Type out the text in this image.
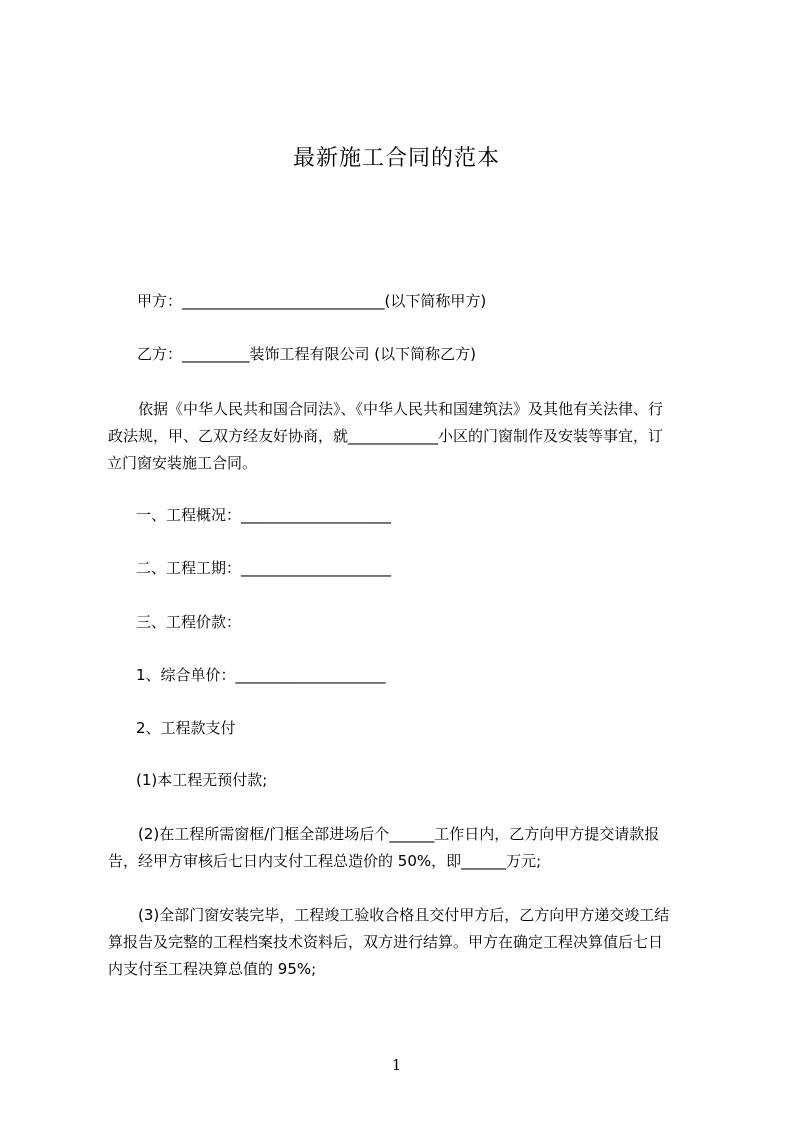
最新施工合同的范本
甲方：___________________________(以下简称甲方)
乙方：_________装饰工程有限公司 (以下简称乙方)
依据《中华人民共和国合同法》、《中华人民共和国建筑法》及其他有关法律、行
政法规，甲、乙双方经友好协商，就____________小区的门窗制作及安装等事宜，订
立门窗安装施工合同。
一、工程概况：____________________
二、工程工期：____________________
三、工程价款：
1、综合单价：____________________
2、工程款支付
(1)本工程无预付款;
(2)在工程所需窗框/门框全部进场后个______工作日内，乙方向甲方提交请款报
告，经甲方审核后七日内支付工程总造价的 50%，即______万元;
(3)全部门窗安装完毕，工程竣工验收合格且交付甲方后，乙方向甲方递交竣工结
算报告及完整的工程档案技术资料后，双方进行结算。甲方在确定工程决算值后七日
内支付至工程决算总值的 95%;
1
